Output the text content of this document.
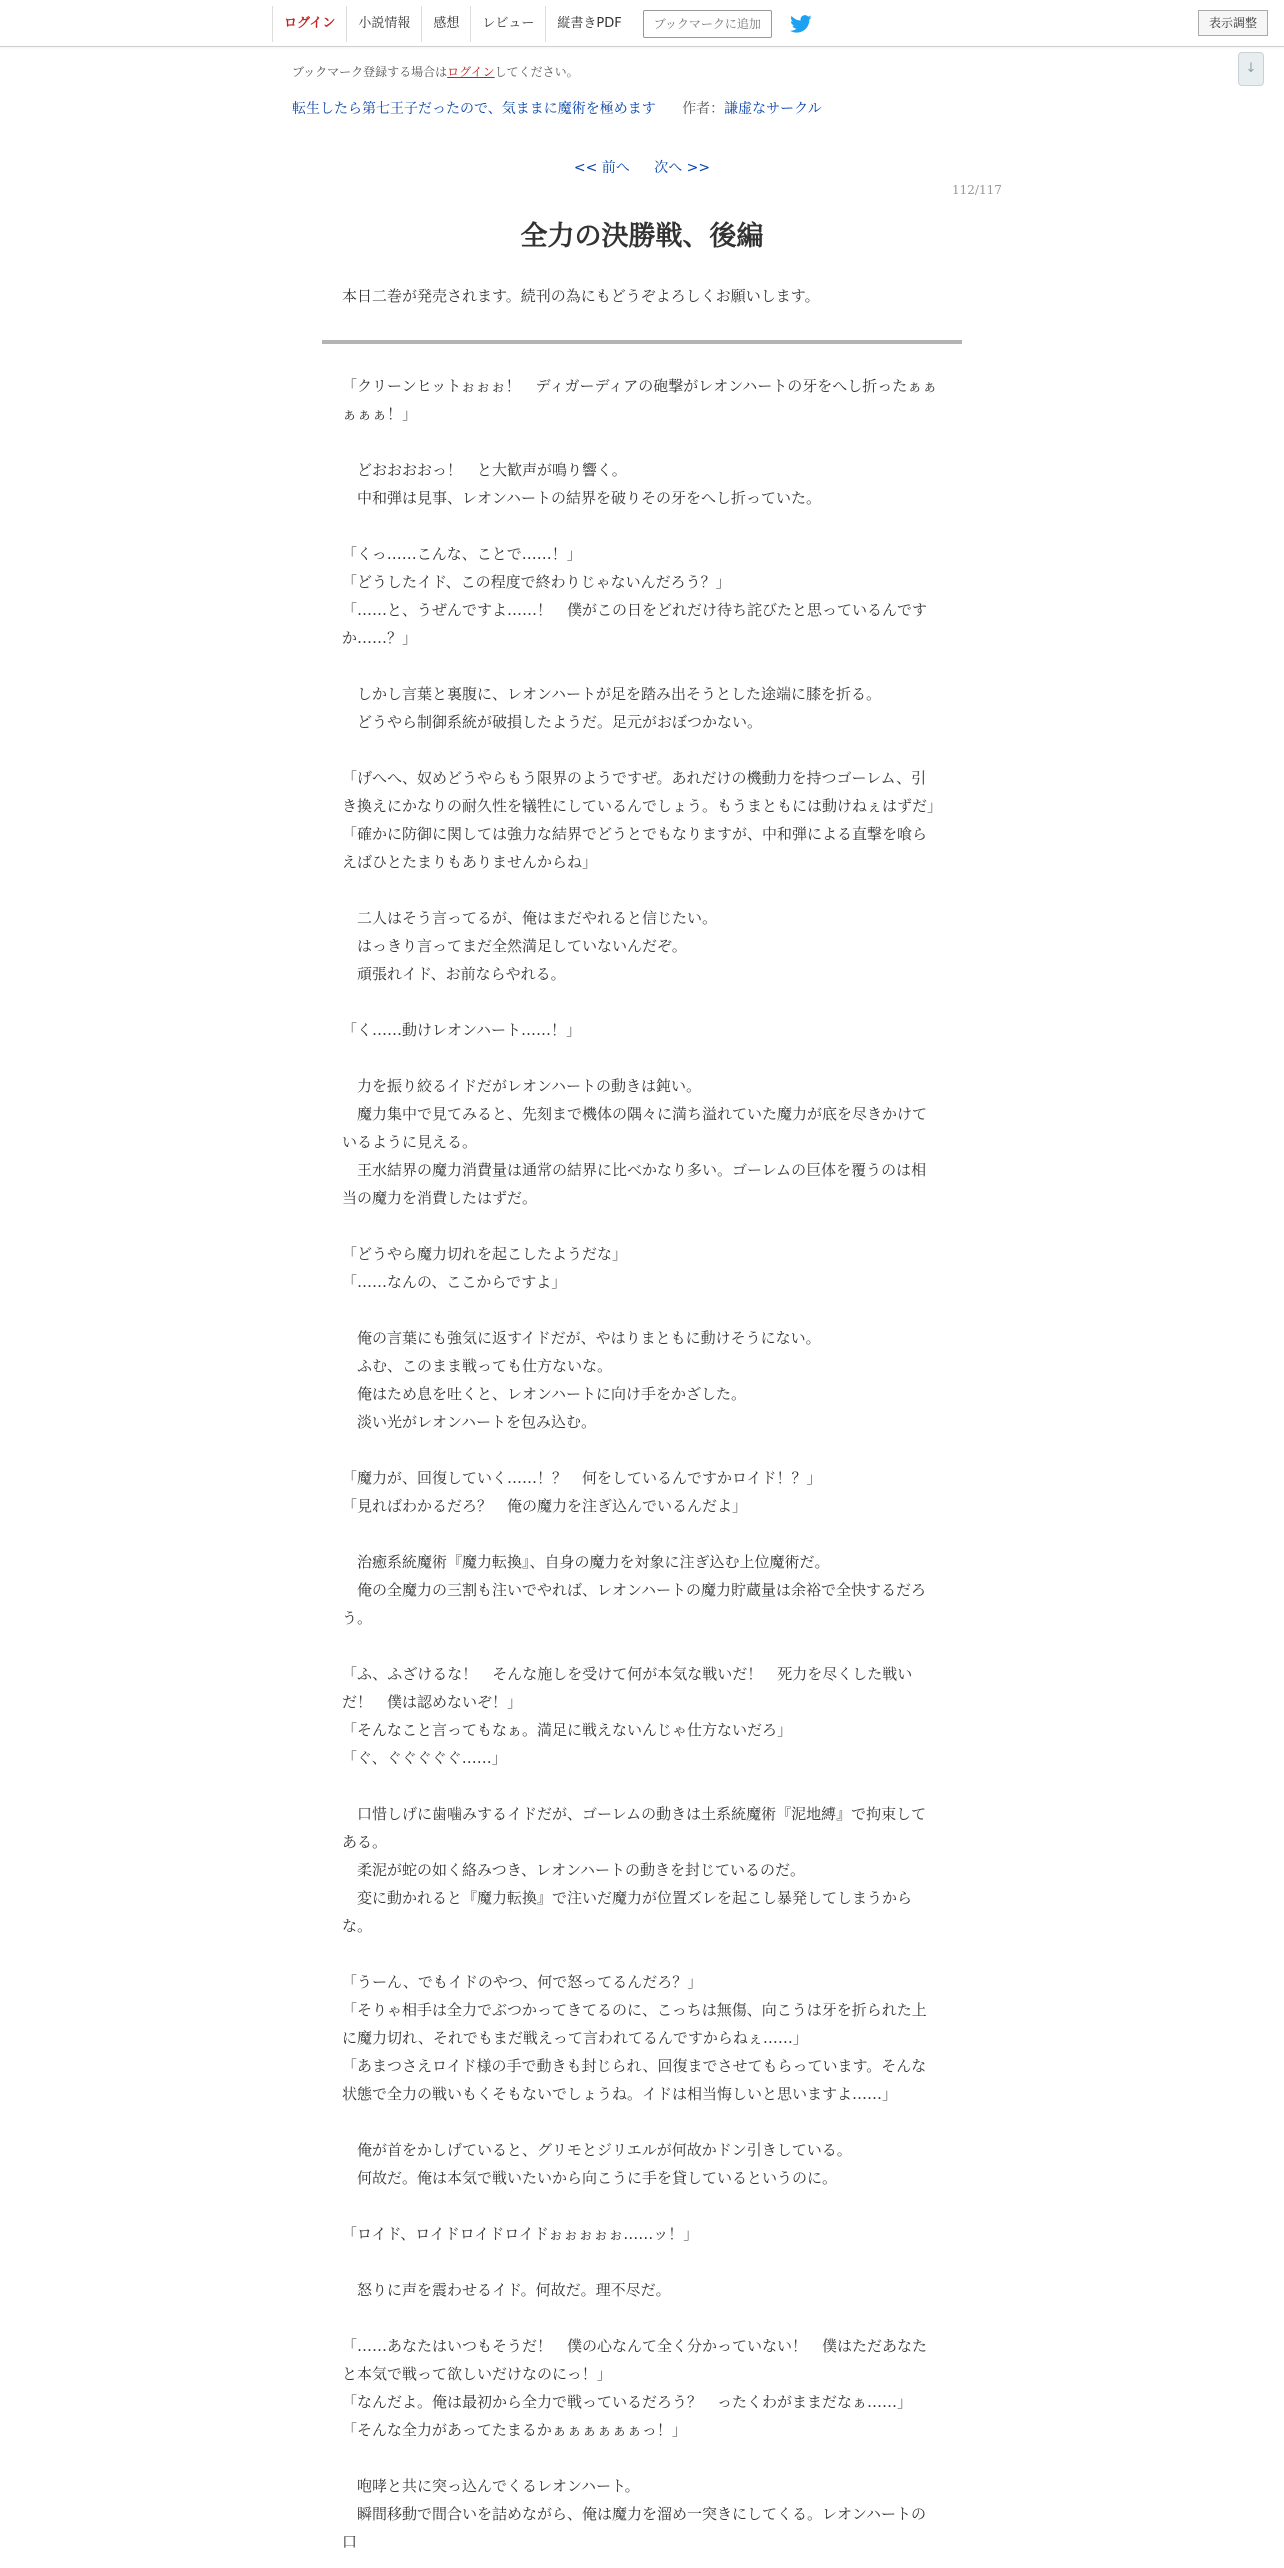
ログイン	小説情報	感想	レビュー	縦書きPDF	ブックマークに追加	表示調整
↓
ブックマーク登録する場合はログインしてください。
転生したら第七王子だったので、気ままに魔術を極めます 作者：謙虚なサークル
<< 前へ 次へ >>
112/117
全力の決勝戦、後編
本日二巻が発売されます。続刊の為にもどうぞよろしくお願いします。

「クリーンヒットぉぉぉ！　ディガーディアの砲撃がレオンハートの牙をへし折ったぁぁぁぁぁ！」

　どおおおおっ！　と大歓声が鳴り響く。

　中和弾は見事、レオンハートの結界を破りその牙をへし折っていた。

「くっ……こんな、ことで……！」

「どうしたイド、この程度で終わりじゃないんだろう？」

「……と、うぜんですよ……！　僕がこの日をどれだけ待ち詫びたと思っているんですか……？」

　しかし言葉と裏腹に、レオンハートが足を踏み出そうとした途端に膝を折る。

　どうやら制御系統が破損したようだ。足元がおぼつかない。

「げへへ、奴めどうやらもう限界のようですぜ。あれだけの機動力を持つゴーレム、引き換えにかなりの耐久性を犠牲にしているんでしょう。もうまともには動けねぇはずだ」

「確かに防御に関しては強力な結界でどうとでもなりますが、中和弾による直撃を喰らえばひとたまりもありませんからね」

　二人はそう言ってるが、俺はまだやれると信じたい。

　はっきり言ってまだ全然満足していないんだぞ。

　頑張れイド、お前ならやれる。

「く……動けレオンハート……！」

　力を振り絞るイドだがレオンハートの動きは鈍い。

　魔力集中で見てみると、先刻まで機体の隅々に満ち溢れていた魔力が底を尽きかけているように見える。

　王水結界の魔力消費量は通常の結界に比べかなり多い。ゴーレムの巨体を覆うのは相当の魔力を消費したはずだ。

「どうやら魔力切れを起こしたようだな」

「……なんの、ここからですよ」

　俺の言葉にも強気に返すイドだが、やはりまともに動けそうにない。

　ふむ、このまま戦っても仕方ないな。

　俺はため息を吐くと、レオンハートに向け手をかざした。

　淡い光がレオンハートを包み込む。

「魔力が、回復していく……！？　何をしているんですかロイド！？」

「見ればわかるだろ？　俺の魔力を注ぎ込んでいるんだよ」

　治癒系統魔術『魔力転換』、自身の魔力を対象に注ぎ込む上位魔術だ。

　俺の全魔力の三割も注いでやれば、レオンハートの魔力貯蔵量は余裕で全快するだろう。

「ふ、ふざけるな！　そんな施しを受けて何が本気な戦いだ！　死力を尽くした戦いだ！　僕は認めないぞ！」

「そんなこと言ってもなぁ。満足に戦えないんじゃ仕方ないだろ」

「ぐ、ぐぐぐぐぐ……」

　口惜しげに歯噛みするイドだが、ゴーレムの動きは土系統魔術『泥地縛』で拘束してある。

　柔泥が蛇の如く絡みつき、レオンハートの動きを封じているのだ。

　変に動かれると『魔力転換』で注いだ魔力が位置ズレを起こし暴発してしまうからな。

「うーん、でもイドのやつ、何で怒ってるんだろ？」

「そりゃ相手は全力でぶつかってきてるのに、こっちは無傷、向こうは牙を折られた上に魔力切れ、それでもまだ戦えって言われてるんですからねぇ……」

「あまつさえロイド様の手で動きも封じられ、回復までさせてもらっています。そんな状態で全力の戦いもくそもないでしょうね。イドは相当悔しいと思いますよ……」

　俺が首をかしげていると、グリモとジリエルが何故かドン引きしている。

　何故だ。俺は本気で戦いたいから向こうに手を貸しているというのに。

「ロイド、ロイドロイドロイドぉぉぉぉぉ……ッ！」

　怒りに声を震わせるイド。何故だ。理不尽だ。

「……あなたはいつもそうだ！　僕の心なんて全く分かっていない！　僕はただあなたと本気で戦って欲しいだけなのにっ！」

「なんだよ。俺は最初から全力で戦っているだろう？　ったくわがままだなぁ……」

「そんな全力があってたまるかぁぁぁぁぁぁっ！」

　咆哮と共に突っ込んでくるレオンハート。

　瞬間移動で間合いを詰めながら、俺は魔力を溜め一突きにしてくる。レオンハートの口
